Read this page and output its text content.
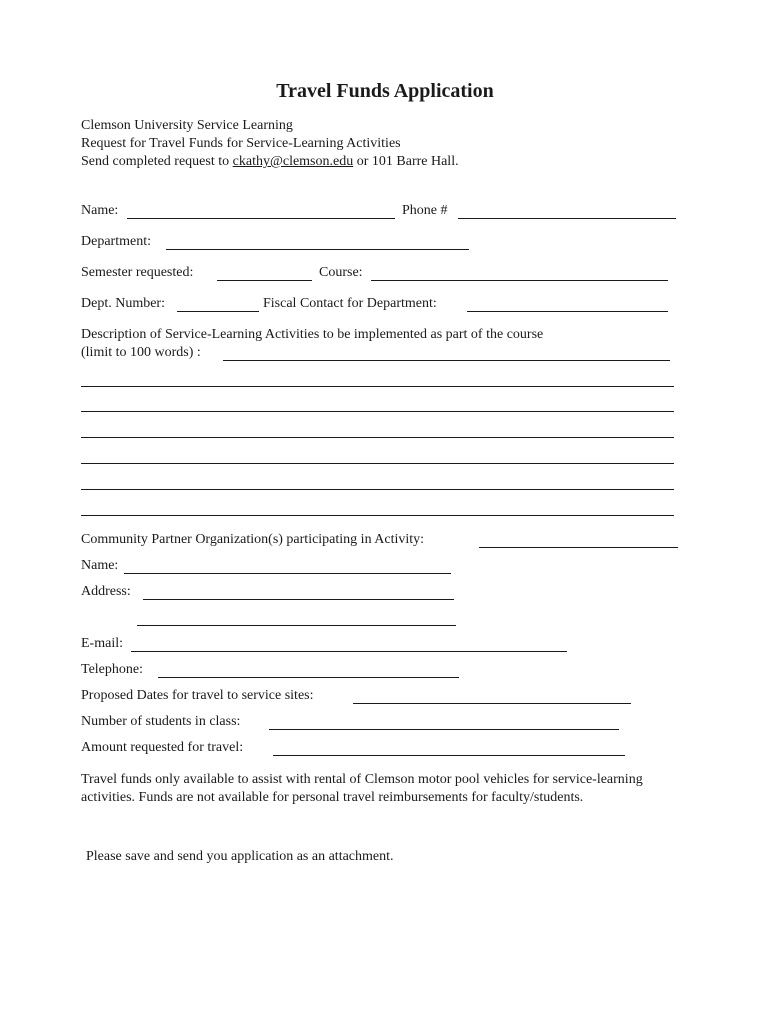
Travel Funds Application
Clemson University Service Learning
Request for Travel Funds for Service-Learning Activities
Send completed request to ckathy@clemson.edu or 101 Barre Hall.
Name:	Phone #
Department:
Semester requested:	Course:
Dept. Number:	Fiscal Contact for Department:
Description of Service-Learning Activities to be implemented as part of the course
(limit to 100 words) :
Community Partner Organization(s) participating in Activity:
Name:
Address:
E-mail:
Telephone:
Proposed Dates for travel to service sites:
Number of students in class:
Amount requested for travel:
Travel funds only available to assist with rental of Clemson motor pool vehicles for service-learning activities. Funds are not available for personal travel reimbursements for faculty/students.
Please save and send you application as an attachment.
